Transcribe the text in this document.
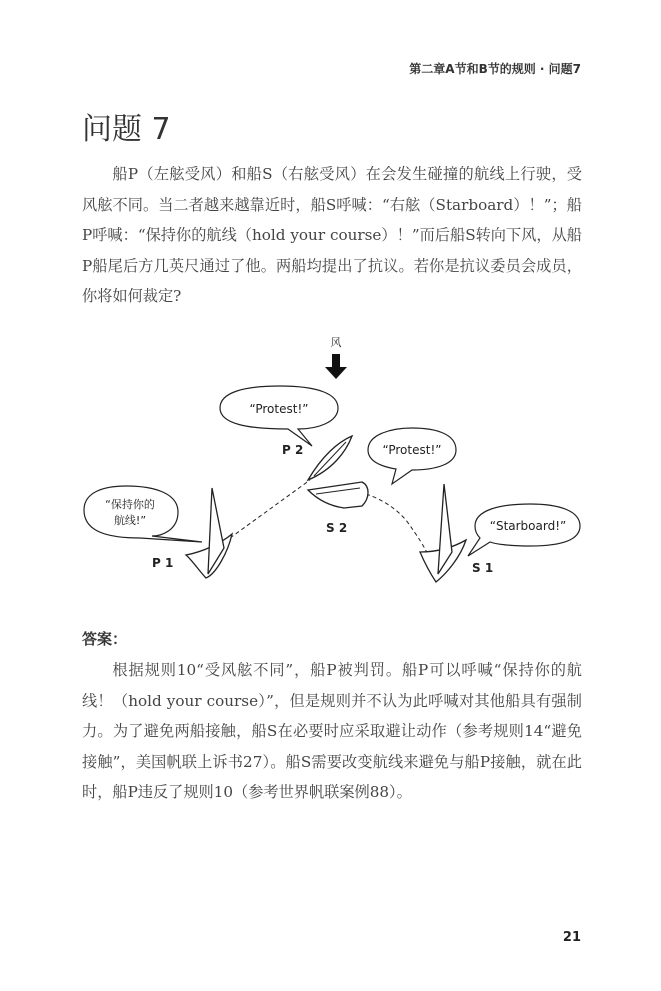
第二章A节和B节的规则 · 问题7
问题 7

船P（左舷受风）和船S（右舷受风）在会发生碰撞的航线上行驶，受风舷不同。当二者越来越靠近时，船S呼喊：“右舷（Starboard）！”；船P呼喊：“保持你的航线（hold your course）！”而后船S转向下风，从船P船尾后方几英尺通过了他。两船均提出了抗议。若你是抗议委员会成员，你将如何裁定?

风
“Protest!”
“Protest!”
“保持你的
航线!”	“Starboard!”
P 1
P 2
S 2
S 1
答案：

根据规则10“受风舷不同”，船P被判罚。船P可以呼喊“保持你的航线！（hold your course）”，但是规则并不认为此呼喊对其他船具有强制力。为了避免两船接触，船S在必要时应采取避让动作（参考规则14“避免接触”，美国帆联上诉书27）。船S需要改变航线来避免与船P接触，就在此时，船P违反了规则10（参考世界帆联案例88）。

21
